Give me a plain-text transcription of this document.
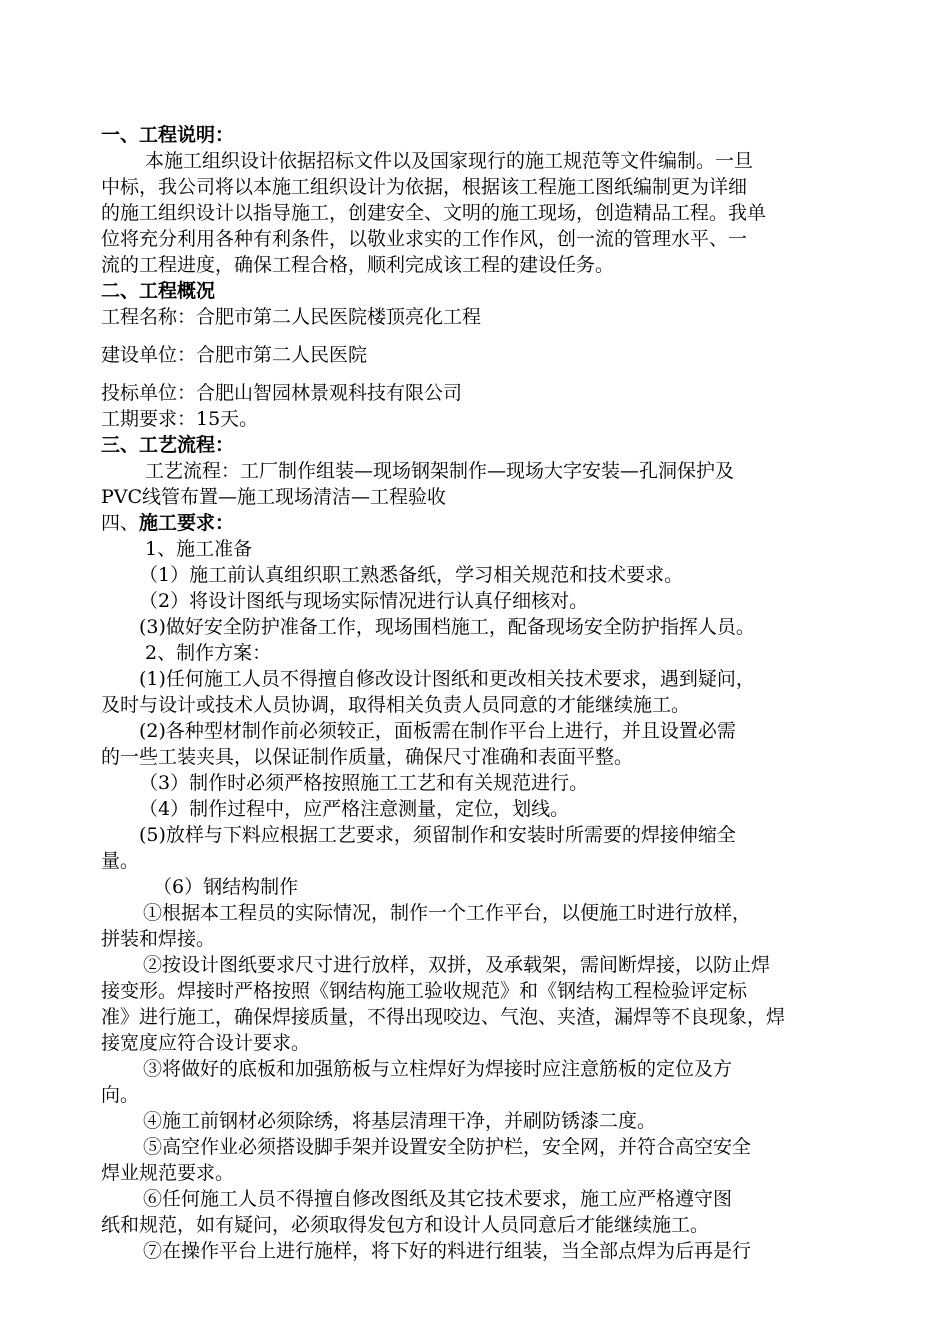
一、工程说明：
本施工组织设计依据招标文件以及国家现行的施工规范等文件编制。一旦
中标，我公司将以本施工组织设计为依据，根据该工程施工图纸编制更为详细
的施工组织设计以指导施工，创建安全、文明的施工现场，创造精品工程。我单
位将充分利用各种有利条件，以敬业求实的工作作风，创一流的管理水平、一
流的工程进度，确保工程合格，顺利完成该工程的建设任务。
二、工程概况
工程名称：合肥市第二人民医院楼顶亮化工程
建设单位：合肥市第二人民医院
投标单位：合肥山智园林景观科技有限公司
工期要求：15天。
三、工艺流程：
工艺流程：工厂制作组装—现场钢架制作—现场大字安装—孔洞保护及
PVC线管布置—施工现场清洁—工程验收
四、施工要求：
1、施工准备
（1）施工前认真组织职工熟悉备纸，学习相关规范和技术要求。
（2）将设计图纸与现场实际情况进行认真仔细核对。
(3)做好安全防护准备工作，现场围档施工，配备现场安全防护指挥人员。
2、制作方案：
(1)任何施工人员不得擅自修改设计图纸和更改相关技术要求，遇到疑问，
及时与设计或技术人员协调，取得相关负责人员同意的才能继续施工。
(2)各种型材制作前必须较正，面板需在制作平台上进行，并且设置必需
的一些工装夹具，以保证制作质量，确保尺寸准确和表面平整。
（3）制作时必须严格按照施工工艺和有关规范进行。
（4）制作过程中，应严格注意测量，定位，划线。
(5)放样与下料应根据工艺要求，须留制作和安装时所需要的焊接伸缩全
量。
（6）钢结构制作
①根据本工程员的实际情况，制作一个工作平台，以便施工时进行放样，
拼装和焊接。
②按设计图纸要求尺寸进行放样，双拼，及承载架，需间断焊接，以防止焊
接变形。焊接时严格按照《钢结构施工验收规范》和《钢结构工程检验评定标
准》进行施工，确保焊接质量，不得出现咬边、气泡、夹渣，漏焊等不良现象，焊
接宽度应符合设计要求。
③将做好的底板和加强筋板与立柱焊好为焊接时应注意筋板的定位及方
向。
④施工前钢材必须除绣，将基层清理干净，并刷防锈漆二度。
⑤高空作业必须搭设脚手架并设置安全防护栏，安全网，并符合高空安全
焊业规范要求。
⑥任何施工人员不得擅自修改图纸及其它技术要求，施工应严格遵守图
纸和规范，如有疑问，必须取得发包方和设计人员同意后才能继续施工。
⑦在操作平台上进行施样，将下好的料进行组装，当全部点焊为后再是行
